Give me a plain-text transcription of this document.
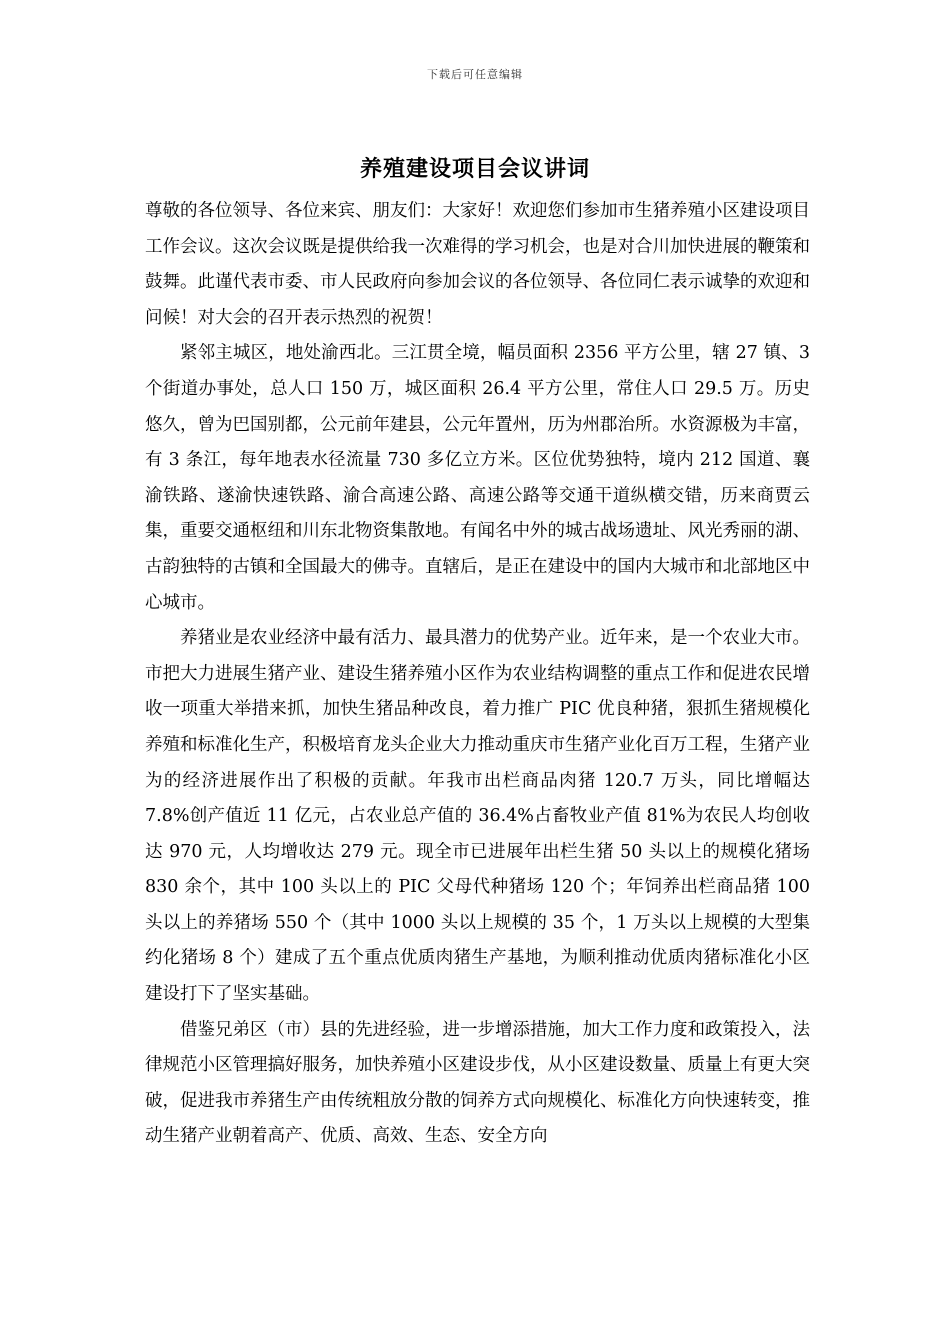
下载后可任意编辑
养殖建设项目会议讲词

尊敬的各位领导、各位来宾、朋友们：大家好！欢迎您们参加市生猪养殖小区建设项目工作会议。这次会议既是提供给我一次难得的学习机会，也是对合川加快进展的鞭策和鼓舞。此谨代表市委、市人民政府向参加会议的各位领导、各位同仁表示诚挚的欢迎和问候！对大会的召开表示热烈的祝贺！

紧邻主城区，地处渝西北。三江贯全境，幅员面积 2356 平方公里，辖 27 镇、3 个街道办事处，总人口 150 万，城区面积 26.4 平方公里，常住人口 29.5 万。历史悠久，曾为巴国别都，公元前年建县，公元年置州，历为州郡治所。水资源极为丰富，有 3 条江，每年地表水径流量 730 多亿立方米。区位优势独特，境内 212 国道、襄渝铁路、遂渝快速铁路、渝合高速公路、高速公路等交通干道纵横交错，历来商贾云集，重要交通枢纽和川东北物资集散地。有闻名中外的城古战场遗址、风光秀丽的湖、古韵独特的古镇和全国最大的佛寺。直辖后，是正在建设中的国内大城市和北部地区中心城市。

养猪业是农业经济中最有活力、最具潜力的优势产业。近年来，是一个农业大市。市把大力进展生猪产业、建设生猪养殖小区作为农业结构调整的重点工作和促进农民增收一项重大举措来抓，加快生猪品种改良，着力推广 PIC 优良种猪，狠抓生猪规模化养殖和标准化生产，积极培育龙头企业大力推动重庆市生猪产业化百万工程，生猪产业为的经济进展作出了积极的贡献。年我市出栏商品肉猪 120.7 万头，同比增幅达 7.8%创产值近 11 亿元，占农业总产值的 36.4%占畜牧业产值 81%为农民人均创收达 970 元，人均增收达 279 元。现全市已进展年出栏生猪 50 头以上的规模化猪场 830 余个，其中 100 头以上的 PIC 父母代种猪场 120 个；年饲养出栏商品猪 100 头以上的养猪场 550 个（其中 1000 头以上规模的 35 个，1 万头以上规模的大型集约化猪场 8 个）建成了五个重点优质肉猪生产基地，为顺利推动优质肉猪标准化小区建设打下了坚实基础。

借鉴兄弟区（市）县的先进经验，进一步增添措施，加大工作力度和政策投入，法律规范小区管理搞好服务，加快养殖小区建设步伐，从小区建设数量、质量上有更大突破，促进我市养猪生产由传统粗放分散的饲养方式向规模化、标准化方向快速转变，推动生猪产业朝着高产、优质、高效、生态、安全方向
